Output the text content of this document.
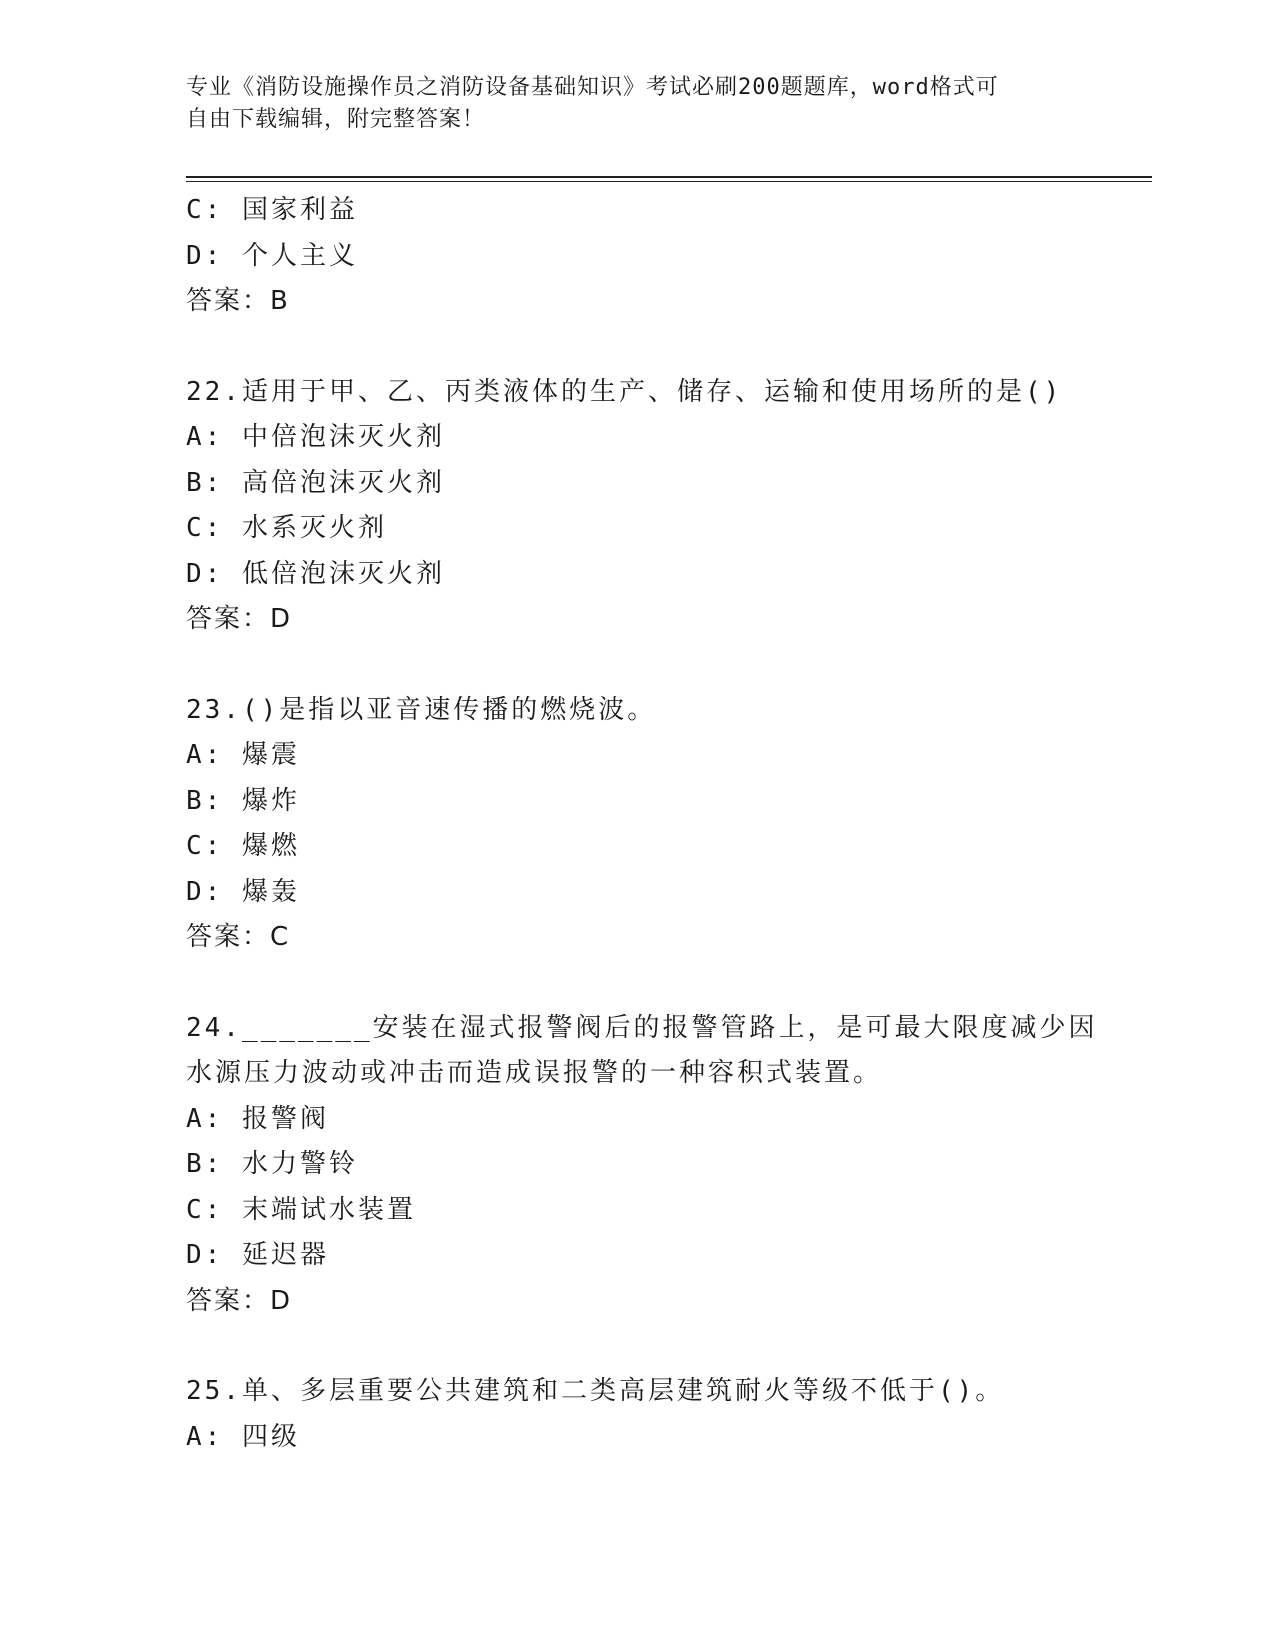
专业《消防设施操作员之消防设备基础知识》考试必刷200题题库，word格式可
自由下载编辑，附完整答案！
C: 国家利益
D: 个人主义
答案：B
22.适用于甲、乙、丙类液体的生产、储存、运输和使用场所的是()
A: 中倍泡沫灭火剂
B: 高倍泡沫灭火剂
C: 水系灭火剂
D: 低倍泡沫灭火剂
答案：D
23.()是指以亚音速传播的燃烧波。
A: 爆震
B: 爆炸
C: 爆燃
D: 爆轰
答案：C
24._______安装在湿式报警阀后的报警管路上，是可最大限度减少因
水源压力波动或冲击而造成误报警的一种容积式装置。
A: 报警阀
B: 水力警铃
C: 末端试水装置
D: 延迟器
答案：D
25.单、多层重要公共建筑和二类高层建筑耐火等级不低于()。
A: 四级
